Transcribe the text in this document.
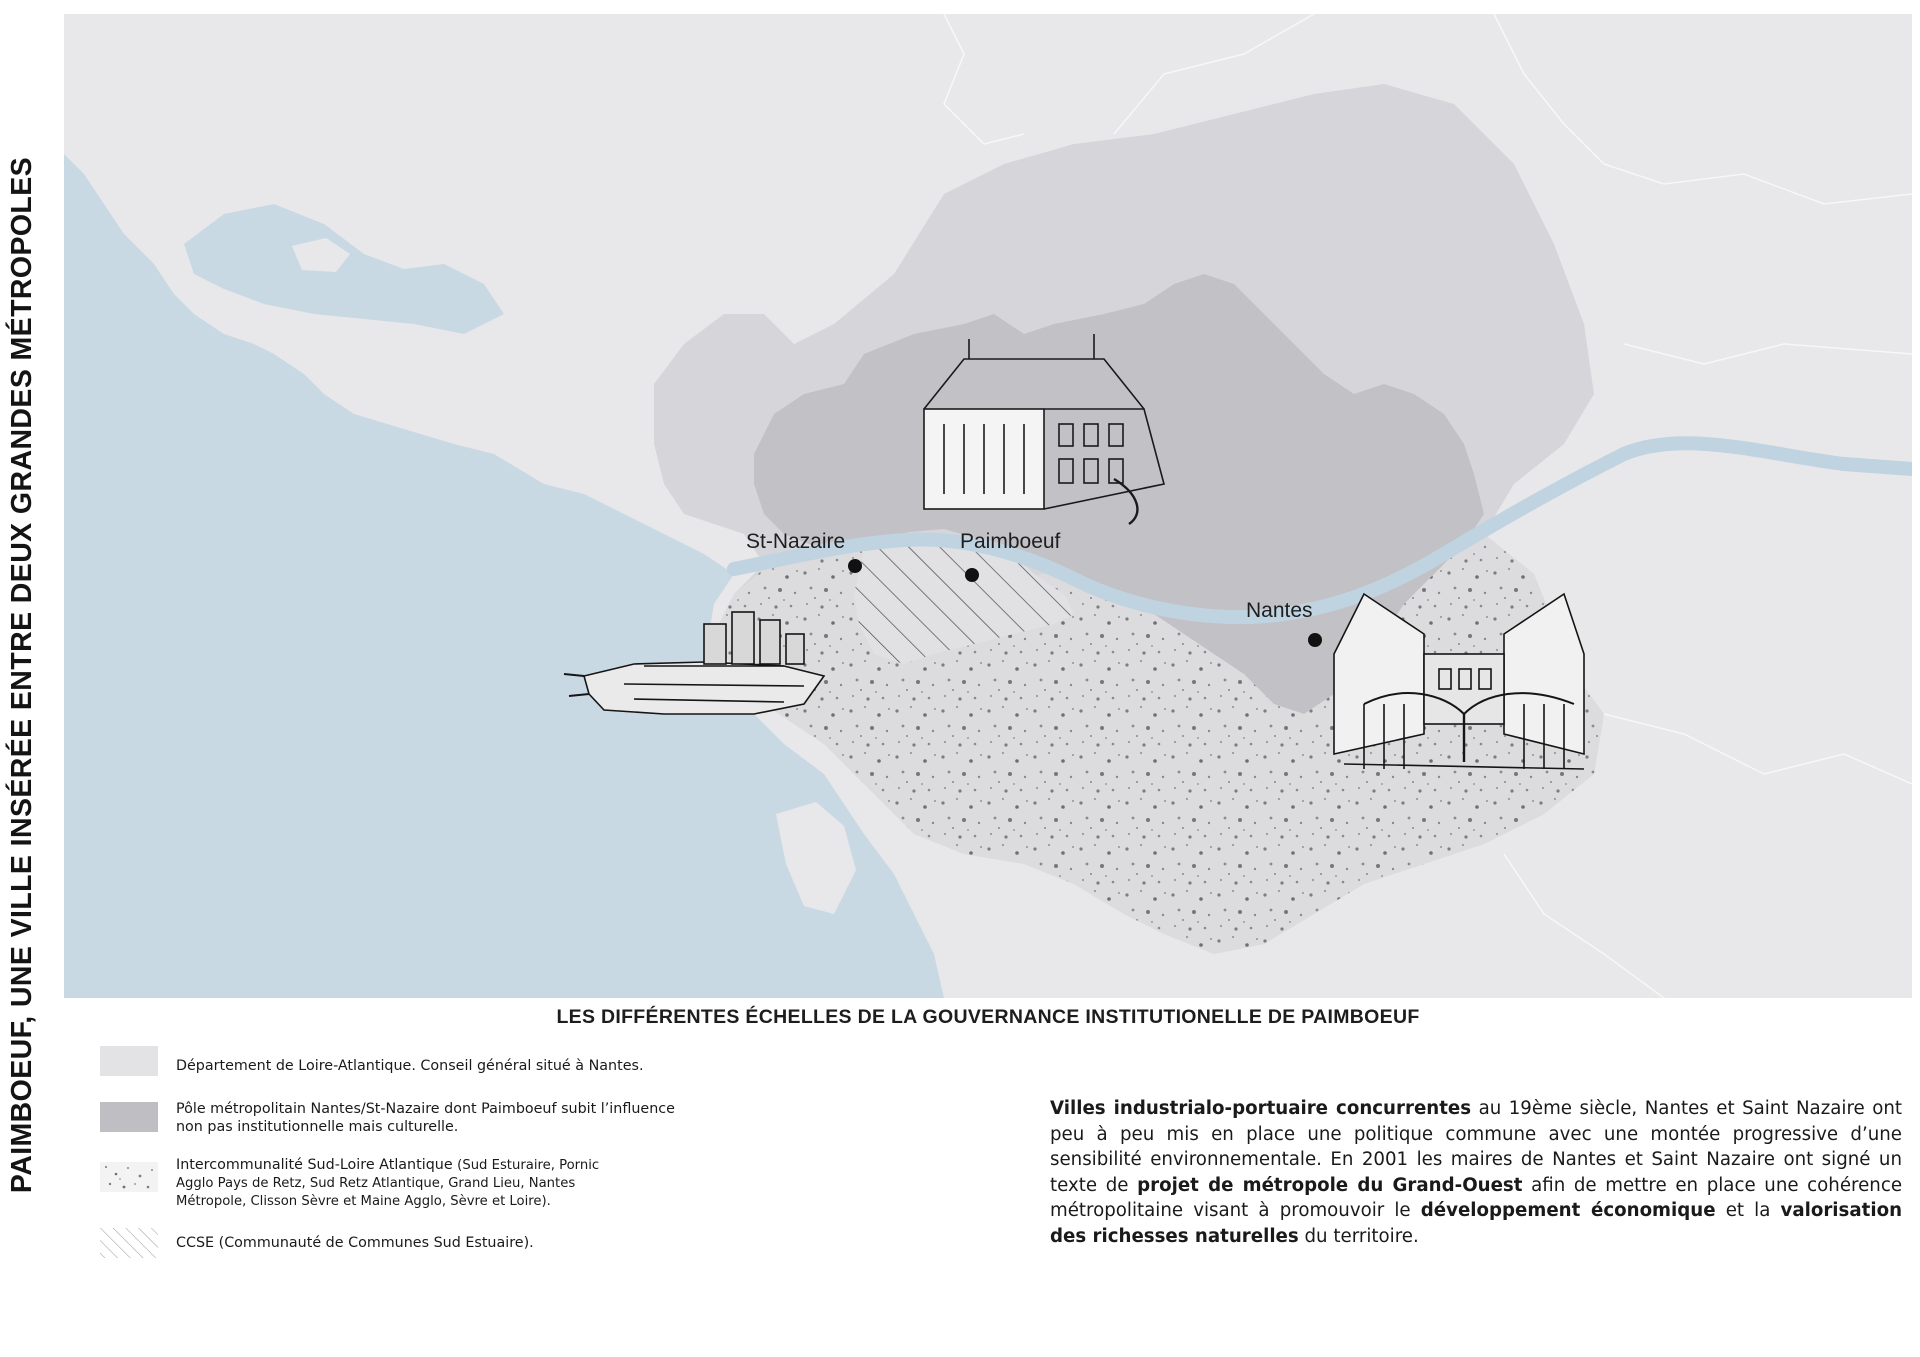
PAIMBOEUF, UNE VILLE INSÉRÉE ENTRE DEUX GRANDES MÉTROPOLES	St-Nazaire	Paimboeuf
Nantes
LES DIFFÉRENTES ÉCHELLES DE LA GOUVERNANCE INSTITUTIONELLE DE PAIMBOEUF
Département de Loire-Atlantique. Conseil général situé à Nantes.
Pôle métropolitain Nantes/St-Nazaire dont Paimboeuf subit l’influence
non pas institutionnelle mais culturelle.
Intercommunalité Sud-Loire Atlantique (Sud Esturaire, Pornic
Agglo Pays de Retz, Sud Retz Atlantique, Grand Lieu, Nantes
Métropole, Clisson Sèvre et Maine Agglo, Sèvre et Loire).
CCSE (Communauté de Communes Sud Estuaire).
Villes industrialo-portuaire concurrentes au 19ème siècle, Nantes et Saint Nazaire ont peu à peu mis en place une politique commune avec une montée progressive d’une sensibilité environnementale. En 2001 les maires de Nantes et Saint Nazaire ont signé un texte de projet de métropole du Grand-Ouest afin de mettre en place une cohérence métropolitaine visant à promouvoir le développement économique et la valorisation des richesses naturelles du territoire.
